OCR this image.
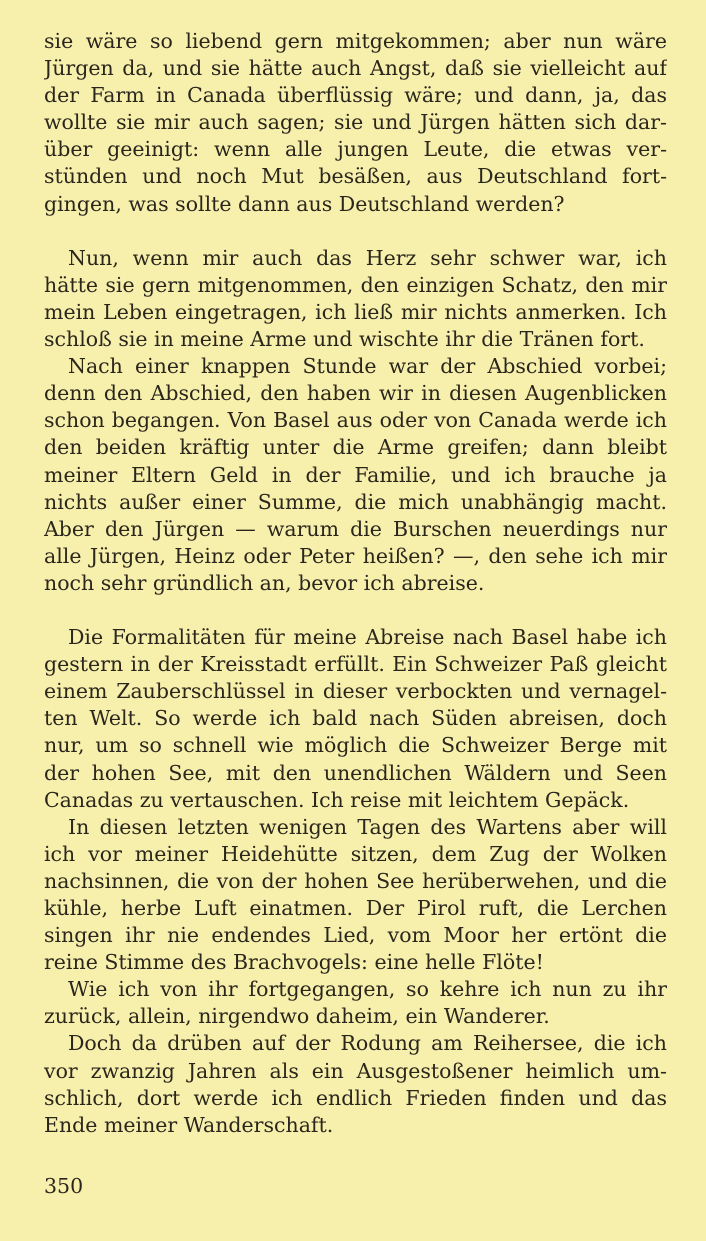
sie wäre so liebend gern mitgekommen; aber nun wäre
Jürgen da, und sie hätte auch Angst, daß sie vielleicht auf
der Farm in Canada überflüssig wäre; und dann, ja, das
wollte sie mir auch sagen; sie und Jürgen hätten sich dar-
über geeinigt: wenn alle jungen Leute, die etwas ver-
stünden und noch Mut besäßen, aus Deutschland fort-
gingen, was sollte dann aus Deutschland werden?
Nun, wenn mir auch das Herz sehr schwer war, ich
hätte sie gern mitgenommen, den einzigen Schatz, den mir
mein Leben eingetragen, ich ließ mir nichts anmerken. Ich
schloß sie in meine Arme und wischte ihr die Tränen fort.
Nach einer knappen Stunde war der Abschied vorbei;
denn den Abschied, den haben wir in diesen Augenblicken
schon begangen. Von Basel aus oder von Canada werde ich
den beiden kräftig unter die Arme greifen; dann bleibt
meiner Eltern Geld in der Familie, und ich brauche ja
nichts außer einer Summe, die mich unabhängig macht.
Aber den Jürgen — warum die Burschen neuerdings nur
alle Jürgen, Heinz oder Peter heißen? —, den sehe ich mir
noch sehr gründlich an, bevor ich abreise.
Die Formalitäten für meine Abreise nach Basel habe ich
gestern in der Kreisstadt erfüllt. Ein Schweizer Paß gleicht
einem Zauberschlüssel in dieser verbockten und vernagel-
ten Welt. So werde ich bald nach Süden abreisen, doch
nur, um so schnell wie möglich die Schweizer Berge mit
der hohen See, mit den unendlichen Wäldern und Seen
Canadas zu vertauschen. Ich reise mit leichtem Gepäck.
In diesen letzten wenigen Tagen des Wartens aber will
ich vor meiner Heidehütte sitzen, dem Zug der Wolken
nachsinnen, die von der hohen See herüberwehen, und die
kühle, herbe Luft einatmen. Der Pirol ruft, die Lerchen
singen ihr nie endendes Lied, vom Moor her ertönt die
reine Stimme des Brachvogels: eine helle Flöte!
Wie ich von ihr fortgegangen, so kehre ich nun zu ihr
zurück, allein, nirgendwo daheim, ein Wanderer.
Doch da drüben auf der Rodung am Reihersee, die ich
vor zwanzig Jahren als ein Ausgestoßener heimlich um-
schlich, dort werde ich endlich Frieden finden und das
Ende meiner Wanderschaft.
350
